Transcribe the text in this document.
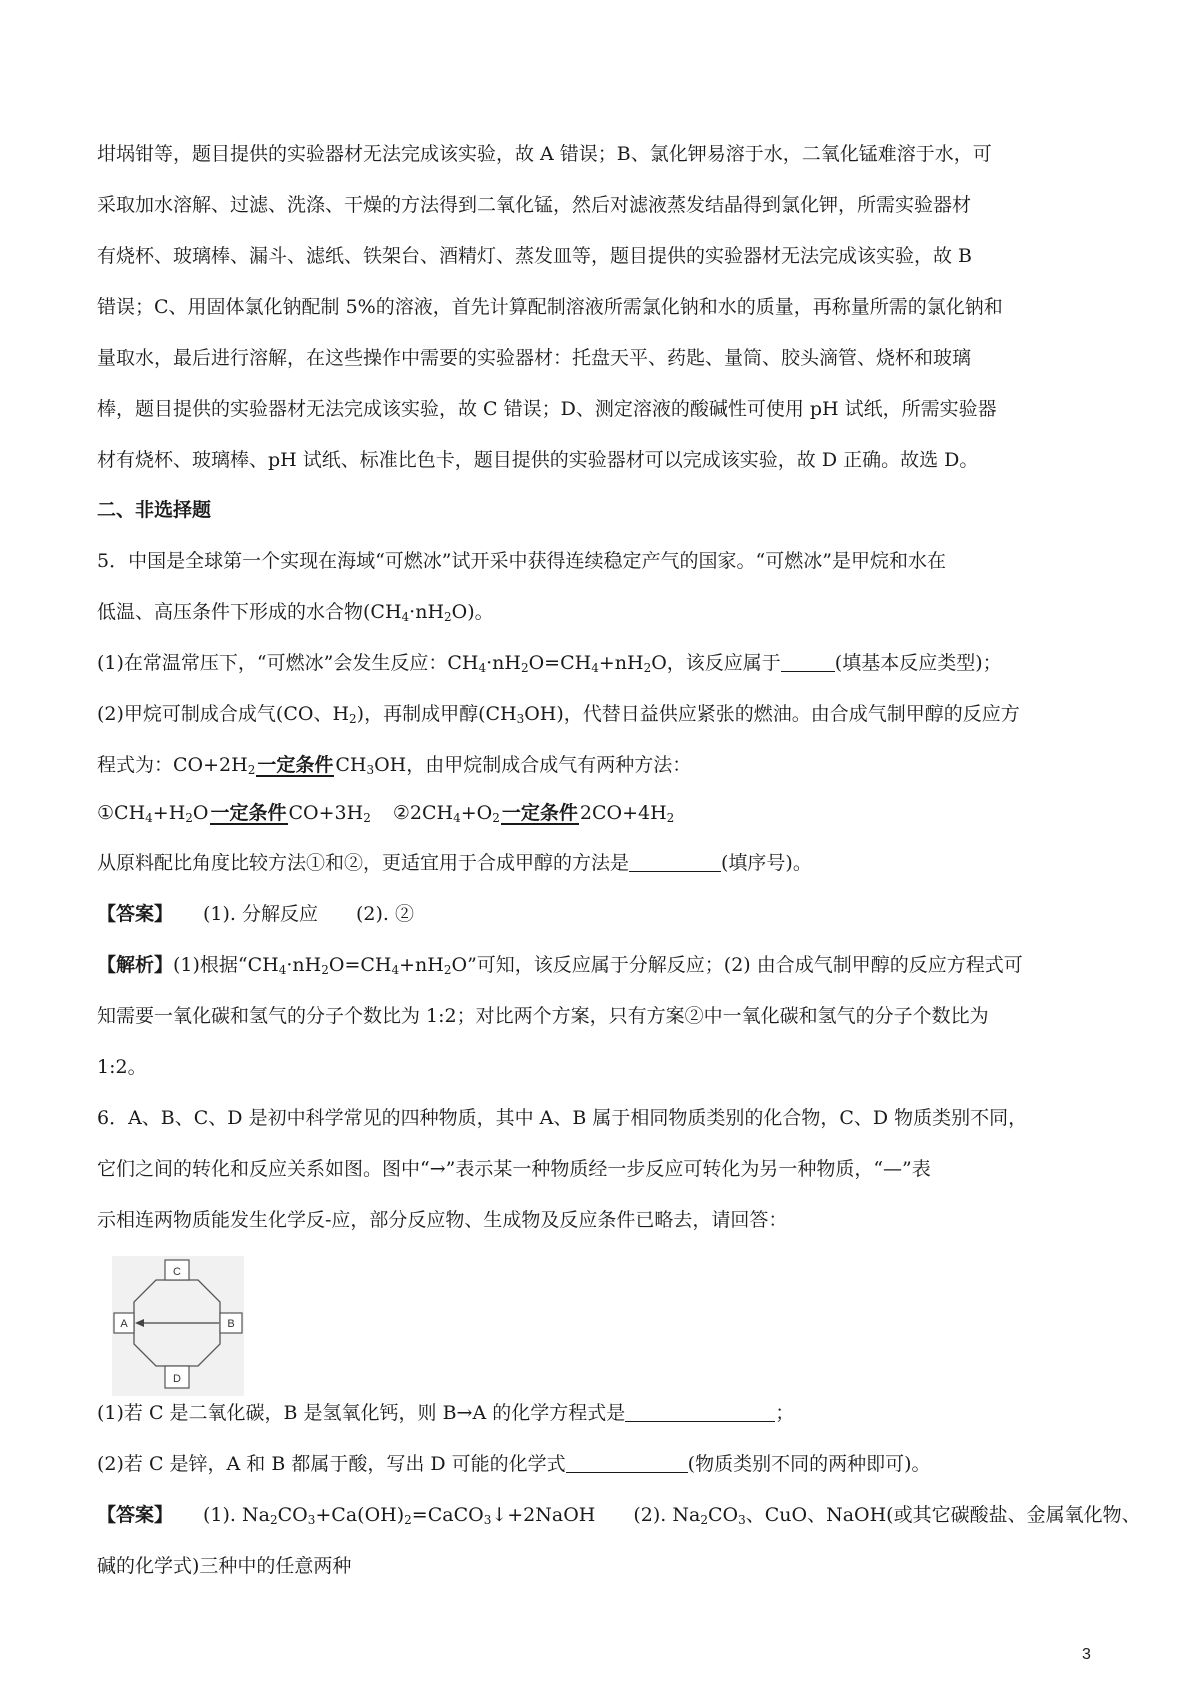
坩埚钳等，题目提供的实验器材无法完成该实验，故 A 错误；B、氯化钾易溶于水，二氧化锰难溶于水，可
采取加水溶解、过滤、洗涤、干燥的方法得到二氧化锰，然后对滤液蒸发结晶得到氯化钾，所需实验器材
有烧杯、玻璃棒、漏斗、滤纸、铁架台、酒精灯、蒸发皿等，题目提供的实验器材无法完成该实验，故 B
错误；C、用固体氯化钠配制 5%的溶液，首先计算配制溶液所需氯化钠和水的质量，再称量所需的氯化钠和
量取水，最后进行溶解，在这些操作中需要的实验器材：托盘天平、药匙、量筒、胶头滴管、烧杯和玻璃
棒，题目提供的实验器材无法完成该实验，故 C 错误；D、测定溶液的酸碱性可使用 pH 试纸，所需实验器
材有烧杯、玻璃棒、pH 试纸、标准比色卡，题目提供的实验器材可以完成该实验，故 D 正确。故选 D。
二、非选择题
5．中国是全球第一个实现在海域“可燃冰”试开采中获得连续稳定产气的国家。“可燃冰”是甲烷和水在
低温、高压条件下形成的水合物$(CH_4\cdot nH_2O)$。
(1)在常温常压下，“可燃冰”会发生反应：$CH_4\cdot nH_2O=CH_4+nH_2O$，该反应属于	(填基本反应类型)；
(2)甲烷可制成合成气(CO、$H_2$)，再制成甲醇$(CH_3OH)$，代替日益供应紧张的燃油。由合成气制甲醇的反应方
程式为：$CO+2H_2$ 一定条件 $CH_3OH$，由甲烷制成合成气有两种方法：
$①CH_4+H_2O$ 一定条件 $CO+3H_2$ $②2CH_4+O_2$ 一定条件 $2CO+4H_2$
从原料配比角度比较方法①和②，更适宜用于合成甲醇的方法是	(填序号)。
【答案】 (1). 分解反应　　(2). ②
【解析】(1)根据“$CH_4\cdot nH_2O=CH_4+nH_2O$”可知，该反应属于分解反应；(2) 由合成气制甲醇的反应方程式可
知需要一氧化碳和氢气的分子个数比为 1:2；对比两个方案，只有方案②中一氧化碳和氢气的分子个数比为
1:2。
6．A、B、C、D 是初中科学常见的四种物质，其中 A、B 属于相同物质类别的化合物，C、D 物质类别不同，
它们之间的转化和反应关系如图。图中“→”表示某一种物质经一步反应可转化为另一种物质，“—”表
示相连两物质能发生化学反-应，部分反应物、生成物及反应条件已略去，请回答：
C
A	B
D
(1)若 C 是二氧化碳，B 是氢氧化钙，则 B→A 的化学方程式是	；
(2)若 C 是锌，A 和 B 都属于酸，写出 D 可能的化学式	(物质类别不同的两种即可)。
【答案】 (1). $Na_2CO_3+Ca(OH)_2=CaCO_3↓+2NaOH$　　(2). $Na_2CO_3$、CuO、NaOH(或其它碳酸盐、金属氧化物、
碱的化学式)三种中的任意两种
3
